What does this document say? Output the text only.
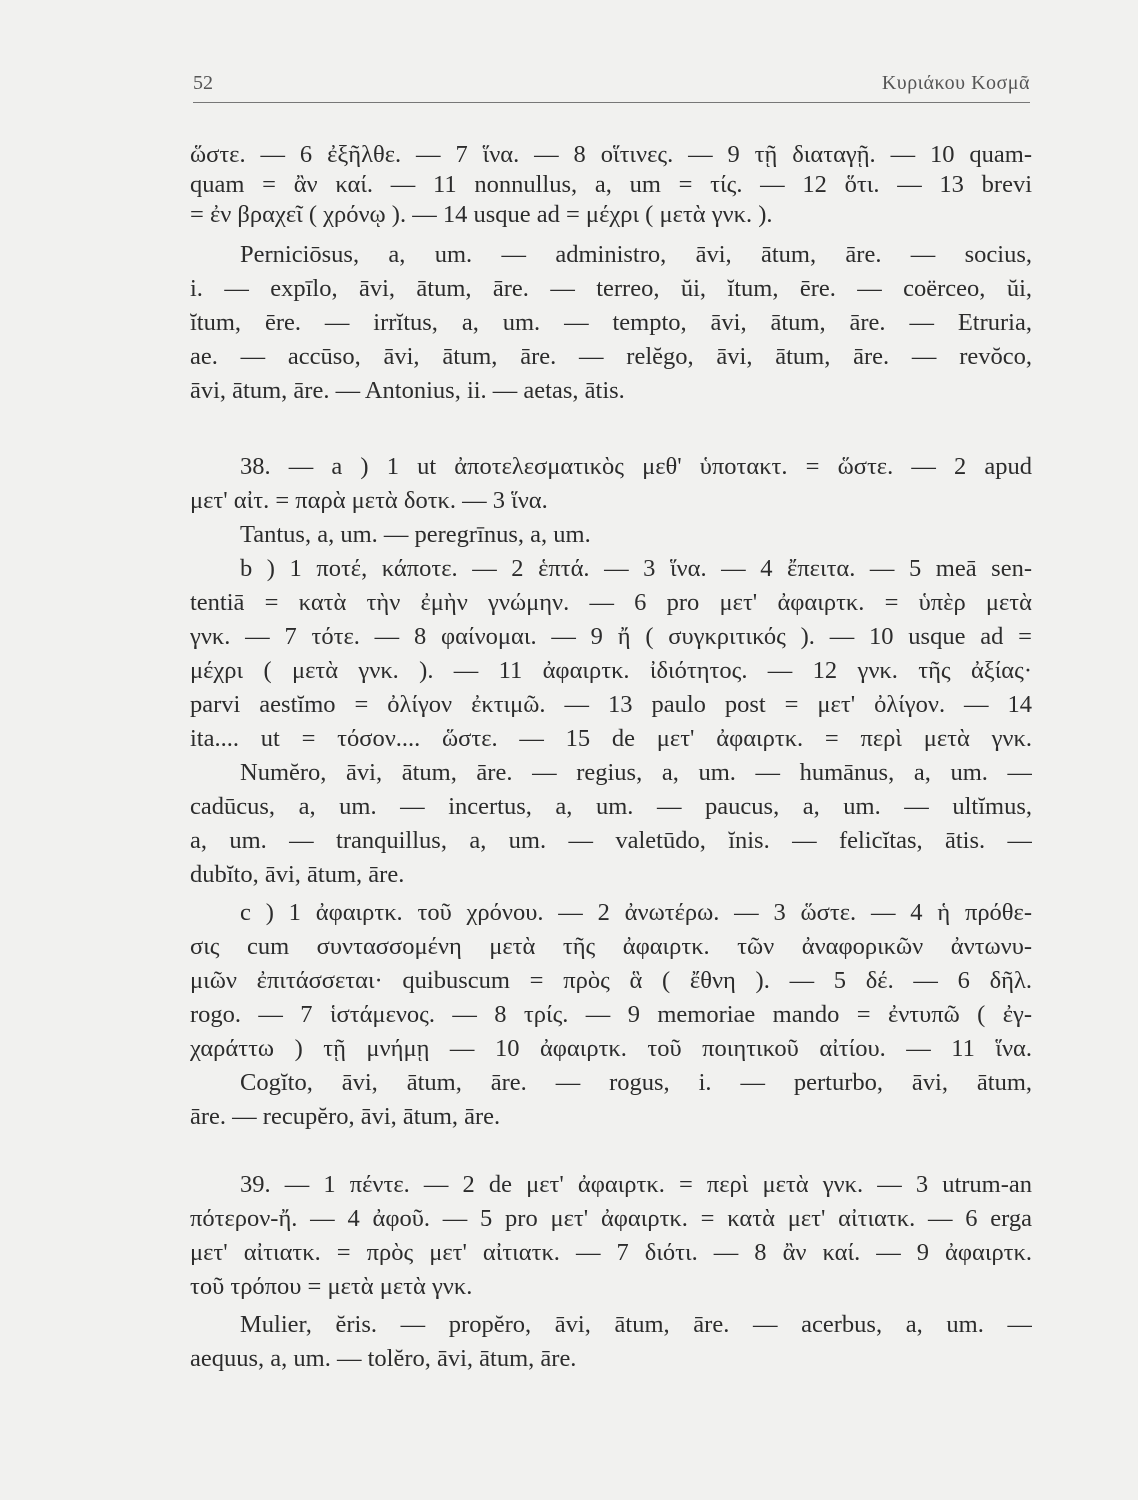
52	Κυριάκου Κοσμᾶ
ὥστε. — 6 ἐξῆλθε. — 7 ἵνα. — 8 οἵτινες. — 9 τῇ διαταγῇ. — 10 quam-
quam = ἂν καί. — 11 nonnullus, a, um = τίς. — 12 ὅτι. — 13 brevi
= ἐν βραχεῖ ( χρόνῳ ). — 14 usque ad = μέχρι ( μετὰ γνκ. ).
Perniciōsus, a, um. — administro, āvi, ātum, āre. — socius,
i. — expīlo, āvi, ātum, āre. — terreo, ŭi, ĭtum, ēre. — coërceo, ŭi,
ĭtum, ēre. — irrĭtus, a, um. — tempto, āvi, ātum, āre. — Etruria,
ae. — accūso, āvi, ātum, āre. — relĕgo, āvi, ātum, āre. — revŏco,
āvi, ātum, āre. — Antonius, ii. — aetas, ātis.
38. — a ) 1 ut ἀποτελεσματικὸς μεθ' ὑποτακτ. = ὥστε. — 2 apud
μετ' αἰτ. = παρὰ μετὰ δοτκ. — 3 ἵνα.
Tantus, a, um. — peregrīnus, a, um.
b ) 1 ποτέ, κάποτε. — 2 ἑπτά. — 3 ἵνα. — 4 ἔπειτα. — 5 meā sen-
tentiā = κατὰ τὴν ἐμὴν γνώμην. — 6 pro μετ' ἀφαιρτκ. = ὑπὲρ μετὰ
γνκ. — 7 τότε. — 8 φαίνομαι. — 9 ἤ ( συγκριτικός ). — 10 usque ad =
μέχρι ( μετὰ γνκ. ). — 11 ἀφαιρτκ. ἰδιότητος. — 12 γνκ. τῆς ἀξίας·
parvi aestĭmo = ὀλίγον ἐκτιμῶ. — 13 paulo post = μετ' ὀλίγον. — 14
ita.... ut = τόσον.... ὥστε. — 15 de μετ' ἀφαιρτκ. = περὶ μετὰ γνκ.
Numĕro, āvi, ātum, āre. — regius, a, um. — humānus, a, um. —
cadūcus, a, um. — incertus, a, um. — paucus, a, um. — ultĭmus,
a, um. — tranquillus, a, um. — valetūdo, ĭnis. — felicĭtas, ātis. —
dubĭto, āvi, ātum, āre.
c ) 1 ἀφαιρτκ. τοῦ χρόνου. — 2 ἀνωτέρω. — 3 ὥστε. — 4 ἡ πρόθε-
σις cum συντασσομένη μετὰ τῆς ἀφαιρτκ. τῶν ἀναφορικῶν ἀντωνυ-
μιῶν ἐπιτάσσεται· quibuscum = πρὸς ἃ ( ἔθνη ). — 5 δέ. — 6 δῆλ.
rogo. — 7 ἱστάμενος. — 8 τρίς. — 9 memoriae mando = ἐντυπῶ ( ἐγ-
χαράττω ) τῇ μνήμῃ — 10 ἀφαιρτκ. τοῦ ποιητικοῦ αἰτίου. — 11 ἵνα.
Cogĭto, āvi, ātum, āre. — rogus, i. — perturbo, āvi, ātum,
āre. — recupĕro, āvi, ātum, āre.
39. — 1 πέντε. — 2 de μετ' ἀφαιρτκ. = περὶ μετὰ γνκ. — 3 utrum-an
πότερον-ἤ. — 4 ἀφοῦ. — 5 pro μετ' ἀφαιρτκ. = κατὰ μετ' αἰτιατκ. — 6 erga
μετ' αἰτιατκ. = πρὸς μετ' αἰτιατκ. — 7 διότι. — 8 ἂν καί. — 9 ἀφαιρτκ.
τοῦ τρόπου = μετὰ μετὰ γνκ.
Mulier, ĕris. — propĕro, āvi, ātum, āre. — acerbus, a, um. —
aequus, a, um. — tolĕro, āvi, ātum, āre.
